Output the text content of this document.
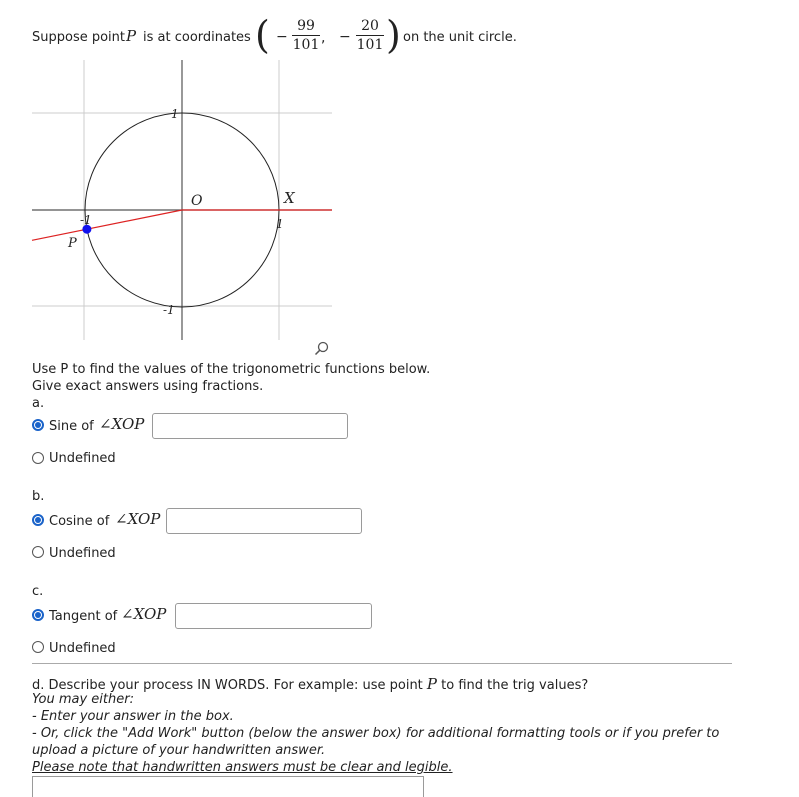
Suppose point P is at coordinates ( −
99
101 , −
20
101 ) on the unit circle.
1
O	X
1
-1
-1
P
Use P to find the values of the trigonometric functions below.
Give exact answers using fractions.
a.
Sine of ∠XOP
Undefined
b.
Cosine of ∠XOP
Undefined
c.
Tangent of ∠XOP
Undefined
d. Describe your process IN WORDS. For example: use point P to find the trig values?
You may either:
- Enter your answer in the box.
- Or, click the "Add Work" button (below the answer box) for additional formatting tools or if you prefer to
upload a picture of your handwritten answer.
Please note that handwritten answers must be clear and legible.
